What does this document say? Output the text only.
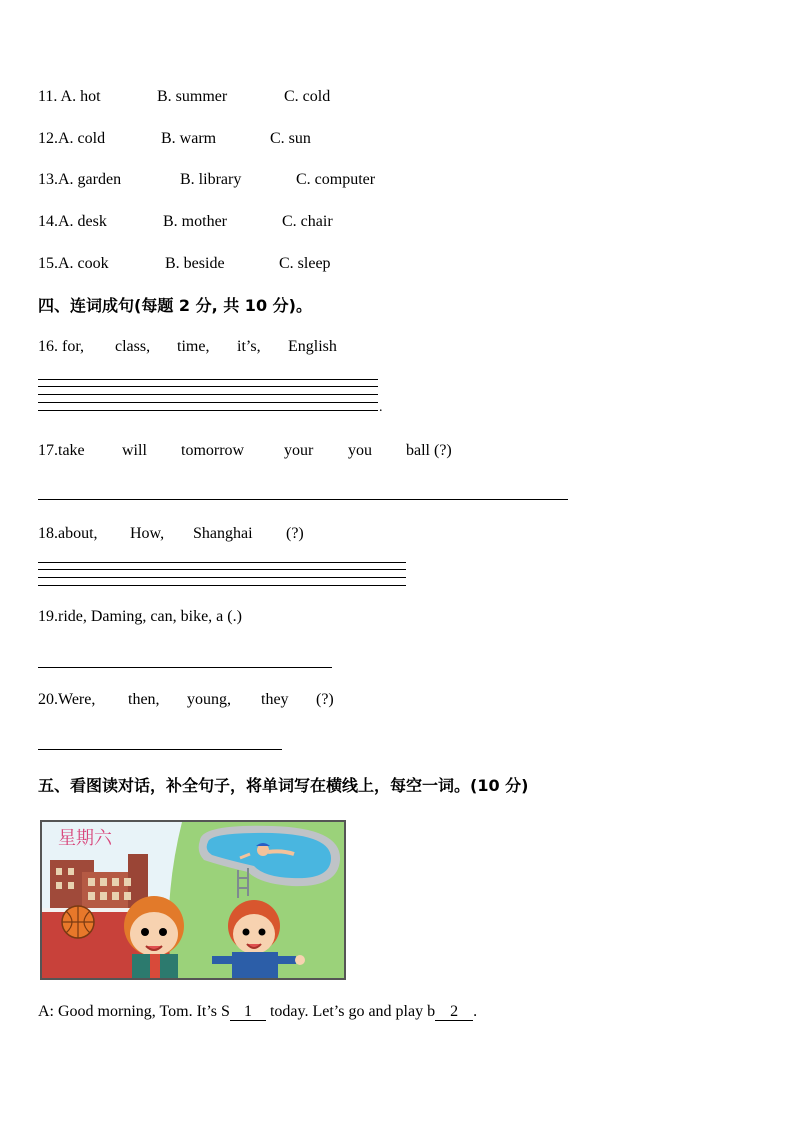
11. A. hot	B. summer	C. cold
12.A. cold	B. warm	C. sun
13.A. garden	B. library	C. computer
14.A. desk	B. mother	C. chair
15.A. cook	B. beside	C. sleep
四、连词成句(每题 2 分, 共 10 分)。
16. for, class, time, it’s, English
.
17.take will tomorrow your you ball (?)
18.about, How, Shanghai (?)
19.ride, Daming, can, bike, a (.)
20.Were, then, young, they (?)
五、看图读对话，补全句子，将单词写在横线上，每空一词。(10 分)
星期六
A: Good morning, Tom. It’s S 1 today. Let’s go and play b 2 .
